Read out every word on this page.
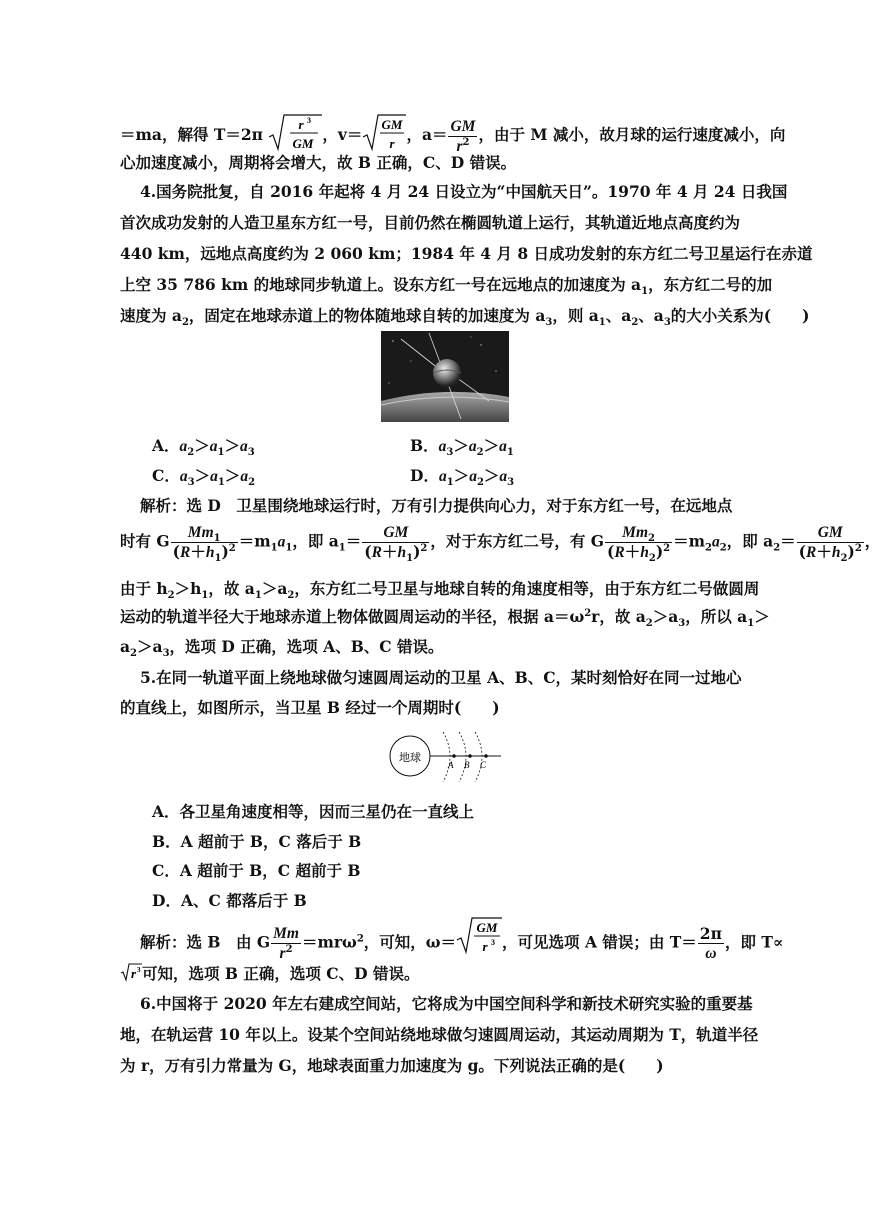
＝ma，解得 T＝2π
r 3
GM ，v＝
GM
r ，$a= \frac{GM}{r^2}$ ，由于 M 减小，故月球的运行速度减小，向
心加速度减小，周期将会增大，故 B 正确，C、D 错误。
4.国务院批复，自 2016 年起将 4 月 24 日设立为“中国航天日”。1970 年 4 月 24 日我国
首次成功发射的人造卫星东方红一号，目前仍然在椭圆轨道上运行，其轨道近地点高度约为
440 km，远地点高度约为 2 060 km；1984 年 4 月 8 日成功发射的东方红二号卫星运行在赤道
上空 35 786 km 的地球同步轨道上。设东方红一号在远地点的加速度为 $a_1$，东方红二号的加
速度为 $a_2$，固定在地球赤道上的物体随地球自转的加速度为 $a_3$，则 $a_1$、$a_2$、$a_3$的大小关系为(　　)
A．$a_2>a_1>a_3$	B．$a_3>a_2>a_1$
C．$a_3>a_1>a_2$	D．$a_1>a_2>a_3$
解析：选 D　卫星围绕地球运行时，万有引力提供向心力，对于东方红一号，在远地点
时有 G $\frac{Mm_1}{(R+h_1)^2} =m_1a_1$，即 $a_1= \frac{GM}{(R+h_1)^2}$ ，对于东方红二号，有 G $\frac{Mm_2}{(R+h_2)^2} =m_2a_2$，即 $a_2= \frac{GM}{(R+h_2)^2}$ ，
由于 $h_2>h_1$，故 $a_1>a_2$，东方红二号卫星与地球自转的角速度相等，由于东方红二号做圆周
运动的轨道半径大于地球赤道上物体做圆周运动的半径，根据 $a=\omega^2r$，故 $a_2>a_3$，所以 $a_1>$
$a_2>a_3$，选项 D 正确，选项 A、B、C 错误。
5.在同一轨道平面上绕地球做匀速圆周运动的卫星 A、B、C，某时刻恰好在同一过地心
的直线上，如图所示，当卫星 B 经过一个周期时(　　)
地球
A B C
A．各卫星角速度相等，因而三星仍在一直线上
B．A 超前于 B，C 落后于 B
C．A 超前于 B，C 超前于 B
D．A、C 都落后于 B
解析：选 B　由 G $\frac{Mm}{r^2} =mr\omega^2$，可知，ω＝
GM
r 3 ，可见选项 A 错误；由 $T= \frac{2\pi}{\omega}$ ，即 T∝
r 3 可知，选项 B 正确，选项 C、D 错误。
6.中国将于 2020 年左右建成空间站，它将成为中国空间科学和新技术研究实验的重要基
地，在轨运营 10 年以上。设某个空间站绕地球做匀速圆周运动，其运动周期为 T，轨道半径
为 r，万有引力常量为 G，地球表面重力加速度为 g。下列说法正确的是(　　)
